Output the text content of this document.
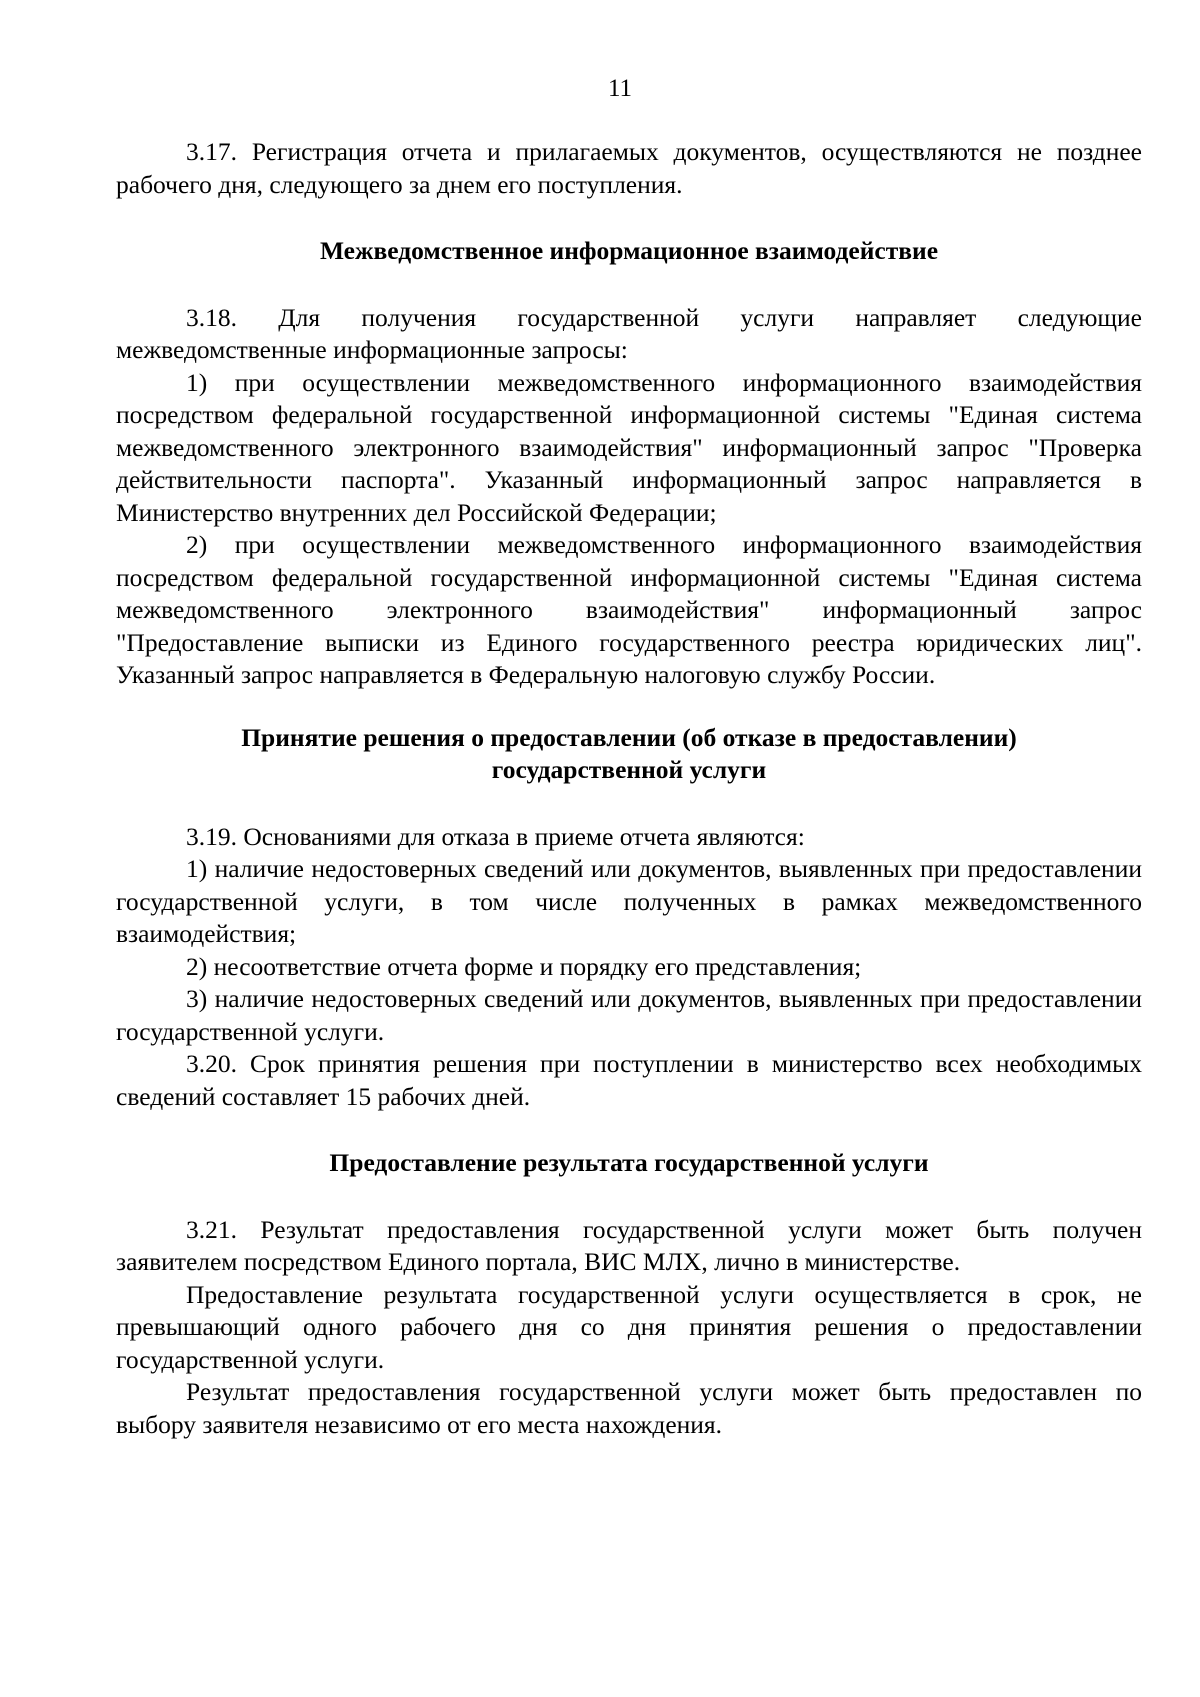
11

3.17. Регистрация отчета и прилагаемых документов, осуществляются не позднее рабочего дня, следующего за днем его поступления.

Межведомственное информационное взаимодействие

3.18. Для получения государственной услуги направляет следующие межведомственные информационные запросы:

1) при осуществлении межведомственного информационного взаимодействия посредством федеральной государственной информационной системы "Единая система межведомственного электронного взаимодействия" информационный запрос "Проверка действительности паспорта". Указанный информационный запрос направляется в Министерство внутренних дел Российской Федерации;

2) при осуществлении межведомственного информационного взаимодействия посредством федеральной государственной информационной системы "Единая система межведомственного электронного взаимодействия" информационный запрос "Предоставление выписки из Единого государственного реестра юридических лиц". Указанный запрос направляется в Федеральную налоговую службу России.

Принятие решения о предоставлении (об отказе в предоставлении)
государственной услуги

3.19. Основаниями для отказа в приеме отчета являются:

1) наличие недостоверных сведений или документов, выявленных при предоставлении государственной услуги, в том числе полученных в рамках межведомственного взаимодействия;

2) несоответствие отчета форме и порядку его представления;

3) наличие недостоверных сведений или документов, выявленных при предоставлении государственной услуги.

3.20. Срок принятия решения при поступлении в министерство всех необходимых сведений составляет 15 рабочих дней.

Предоставление результата государственной услуги

3.21. Результат предоставления государственной услуги может быть получен заявителем посредством Единого портала, ВИС МЛХ, лично в министерстве.

Предоставление результата государственной услуги осуществляется в срок, не превышающий одного рабочего дня со дня принятия решения о предоставлении государственной услуги.

Результат предоставления государственной услуги может быть предоставлен по выбору заявителя независимо от его места нахождения.
